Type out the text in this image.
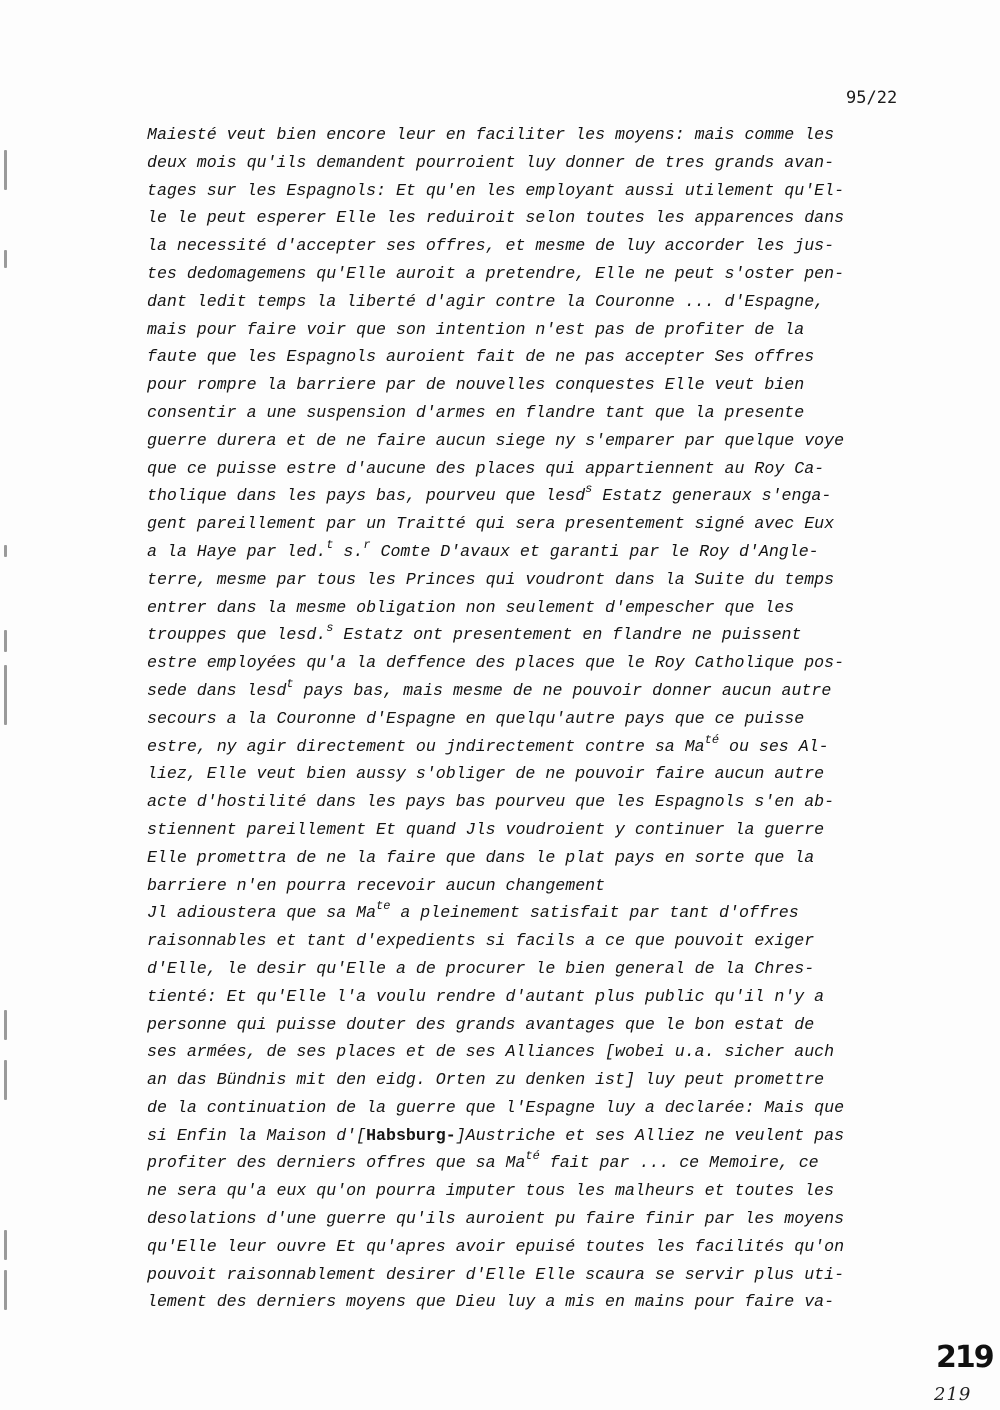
95/22
Maiesté veut bien encore leur en faciliter les moyens: mais comme les
deux mois qu'ils demandent pourroient luy donner de tres grands avan-
tages sur les Espagnols: Et qu'en les employant aussi utilement qu'El-
le le peut esperer Elle les reduiroit selon toutes les apparences dans
la necessité d'accepter ses offres, et mesme de luy accorder les jus-
tes dedomagemens qu'Elle auroit a pretendre, Elle ne peut s'oster pen-
dant ledit temps la liberté d'agir contre la Couronne ... d'Espagne,
mais pour faire voir que son intention n'est pas de profiter de la
faute que les Espagnols auroient fait de ne pas accepter Ses offres
pour rompre la barriere par de nouvelles conquestes Elle veut bien
consentir a une suspension d'armes en flandre tant que la presente
guerre durera et de ne faire aucun siege ny s'emparer par quelque voye
que ce puisse estre d'aucune des places qui appartiennent au Roy Ca-
tholique dans les pays bas, pourveu que lesd$^s$ Estatz generaux s'enga-
gent pareillement par un Traitté qui sera presentement signé avec Eux
a la Haye par led.$^t$ s.$^r$ Comte D'avaux et garanti par le Roy d'Angle-
terre, mesme par tous les Princes qui voudront dans la Suite du temps
entrer dans la mesme obligation non seulement d'empescher que les
trouppes que lesd.$^s$ Estatz ont presentement en flandre ne puissent
estre employées qu'a la deffence des places que le Roy Catholique pos-
sede dans lesd$^t$ pays bas, mais mesme de ne pouvoir donner aucun autre
secours a la Couronne d'Espagne en quelqu'autre pays que ce puisse
estre, ny agir directement ou jndirectement contre sa $Ma^{té}$ ou ses Al-
liez, Elle veut bien aussy s'obliger de ne pouvoir faire aucun autre
acte d'hostilité dans les pays bas pourveu que les Espagnols s'en ab-
stiennent pareillement Et quand Jls voudroient y continuer la guerre
Elle promettra de ne la faire que dans le plat pays en sorte que la
barriere n'en pourra recevoir aucun changement
Jl adioustera que sa $Ma^{te}$ a pleinement satisfait par tant d'offres
raisonnables et tant d'expedients si facils a ce que pouvoit exiger
d'Elle, le desir qu'Elle a de procurer le bien general de la Chres-
tienté: Et qu'Elle l'a voulu rendre d'autant plus public qu'il n'y a
personne qui puisse douter des grands avantages que le bon estat de
ses armées, de ses places et de ses Alliances [wobei u.a. sicher auch
an das Bündnis mit den eidg. Orten zu denken ist] luy peut promettre
de la continuation de la guerre que l'Espagne luy a declarée: Mais que
si Enfin la Maison d'[Habsburg-]Austriche et ses Alliez ne veulent pas
profiter des derniers offres que sa $Ma^{té}$ fait par ... ce Memoire, ce
ne sera qu'a eux qu'on pourra imputer tous les malheurs et toutes les
desolations d'une guerre qu'ils auroient pu faire finir par les moyens
qu'Elle leur ouvre Et qu'apres avoir epuisé toutes les facilités qu'on
pouvoit raisonnablement desirer d'Elle Elle scaura se servir plus uti-
lement des derniers moyens que Dieu luy a mis en mains pour faire va-
219
219
